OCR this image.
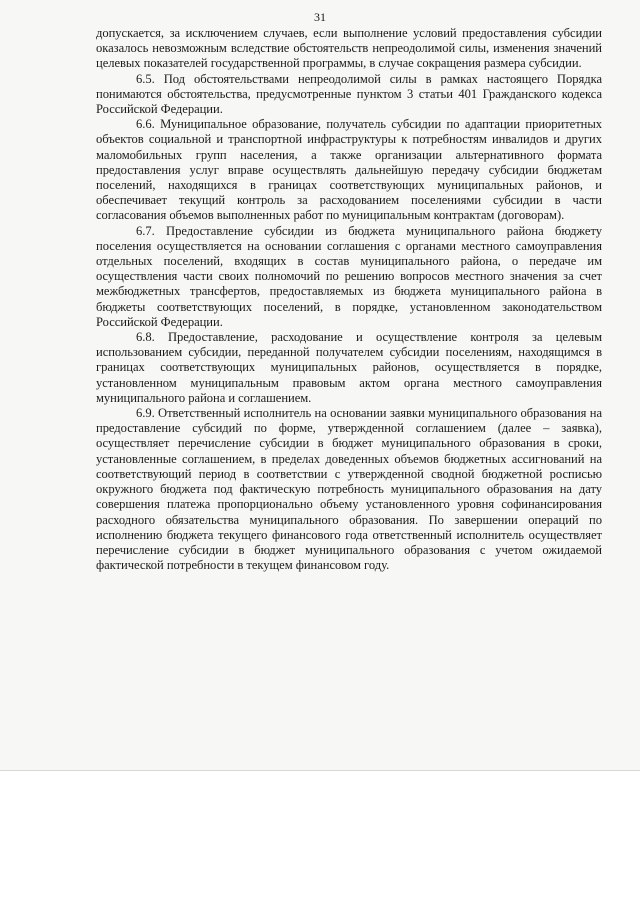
31

допускается, за исключением случаев, если выполнение условий предоставления субсидии оказалось невозможным вследствие обстоятельств непреодолимой силы, изменения значений целевых показателей государственной программы, в случае сокращения размера субсидии.

6.5. Под обстоятельствами непреодолимой силы в рамках настоящего Порядка понимаются обстоятельства, предусмотренные пунктом 3 статьи 401 Гражданского кодекса Российской Федерации.

6.6. Муниципальное образование, получатель субсидии по адаптации приоритетных объектов социальной и транспортной инфраструктуры к потребностям инвалидов и других маломобильных групп населения, а также организации альтернативного формата предоставления услуг вправе осуществлять дальнейшую передачу субсидии бюджетам поселений, находящихся в границах соответствующих муниципальных районов, и обеспечивает текущий контроль за расходованием поселениями субсидии в части согласования объемов выполненных работ по муниципальным контрактам (договорам).

6.7. Предоставление субсидии из бюджета муниципального района бюджету поселения осуществляется на основании соглашения с органами местного самоуправления отдельных поселений, входящих в состав муниципального района, о передаче им осуществления части своих полномочий по решению вопросов местного значения за счет межбюджетных трансфертов, предоставляемых из бюджета муниципального района в бюджеты соответствующих поселений, в порядке, установленном законодательством Российской Федерации.

6.8. Предоставление, расходование и осуществление контроля за целевым использованием субсидии, переданной получателем субсидии поселениям, находящимся в границах соответствующих муниципальных районов, осуществляется в порядке, установленном муниципальным правовым актом органа местного самоуправления муниципального района и соглашением.

6.9. Ответственный исполнитель на основании заявки муниципального образования на предоставление субсидий по форме, утвержденной соглашением (далее – заявка), осуществляет перечисление субсидии в бюджет муниципального образования в сроки, установленные соглашением, в пределах доведенных объемов бюджетных ассигнований на соответствующий период в соответствии с утвержденной сводной бюджетной росписью окружного бюджета под фактическую потребность муниципального образования на дату совершения платежа пропорционально объему установленного уровня софинансирования расходного обязательства муниципального образования. По завершении операций по исполнению бюджета текущего финансового года ответственный исполнитель осуществляет перечисление субсидии в бюджет муниципального образования с учетом ожидаемой фактической потребности в текущем финансовом году.
